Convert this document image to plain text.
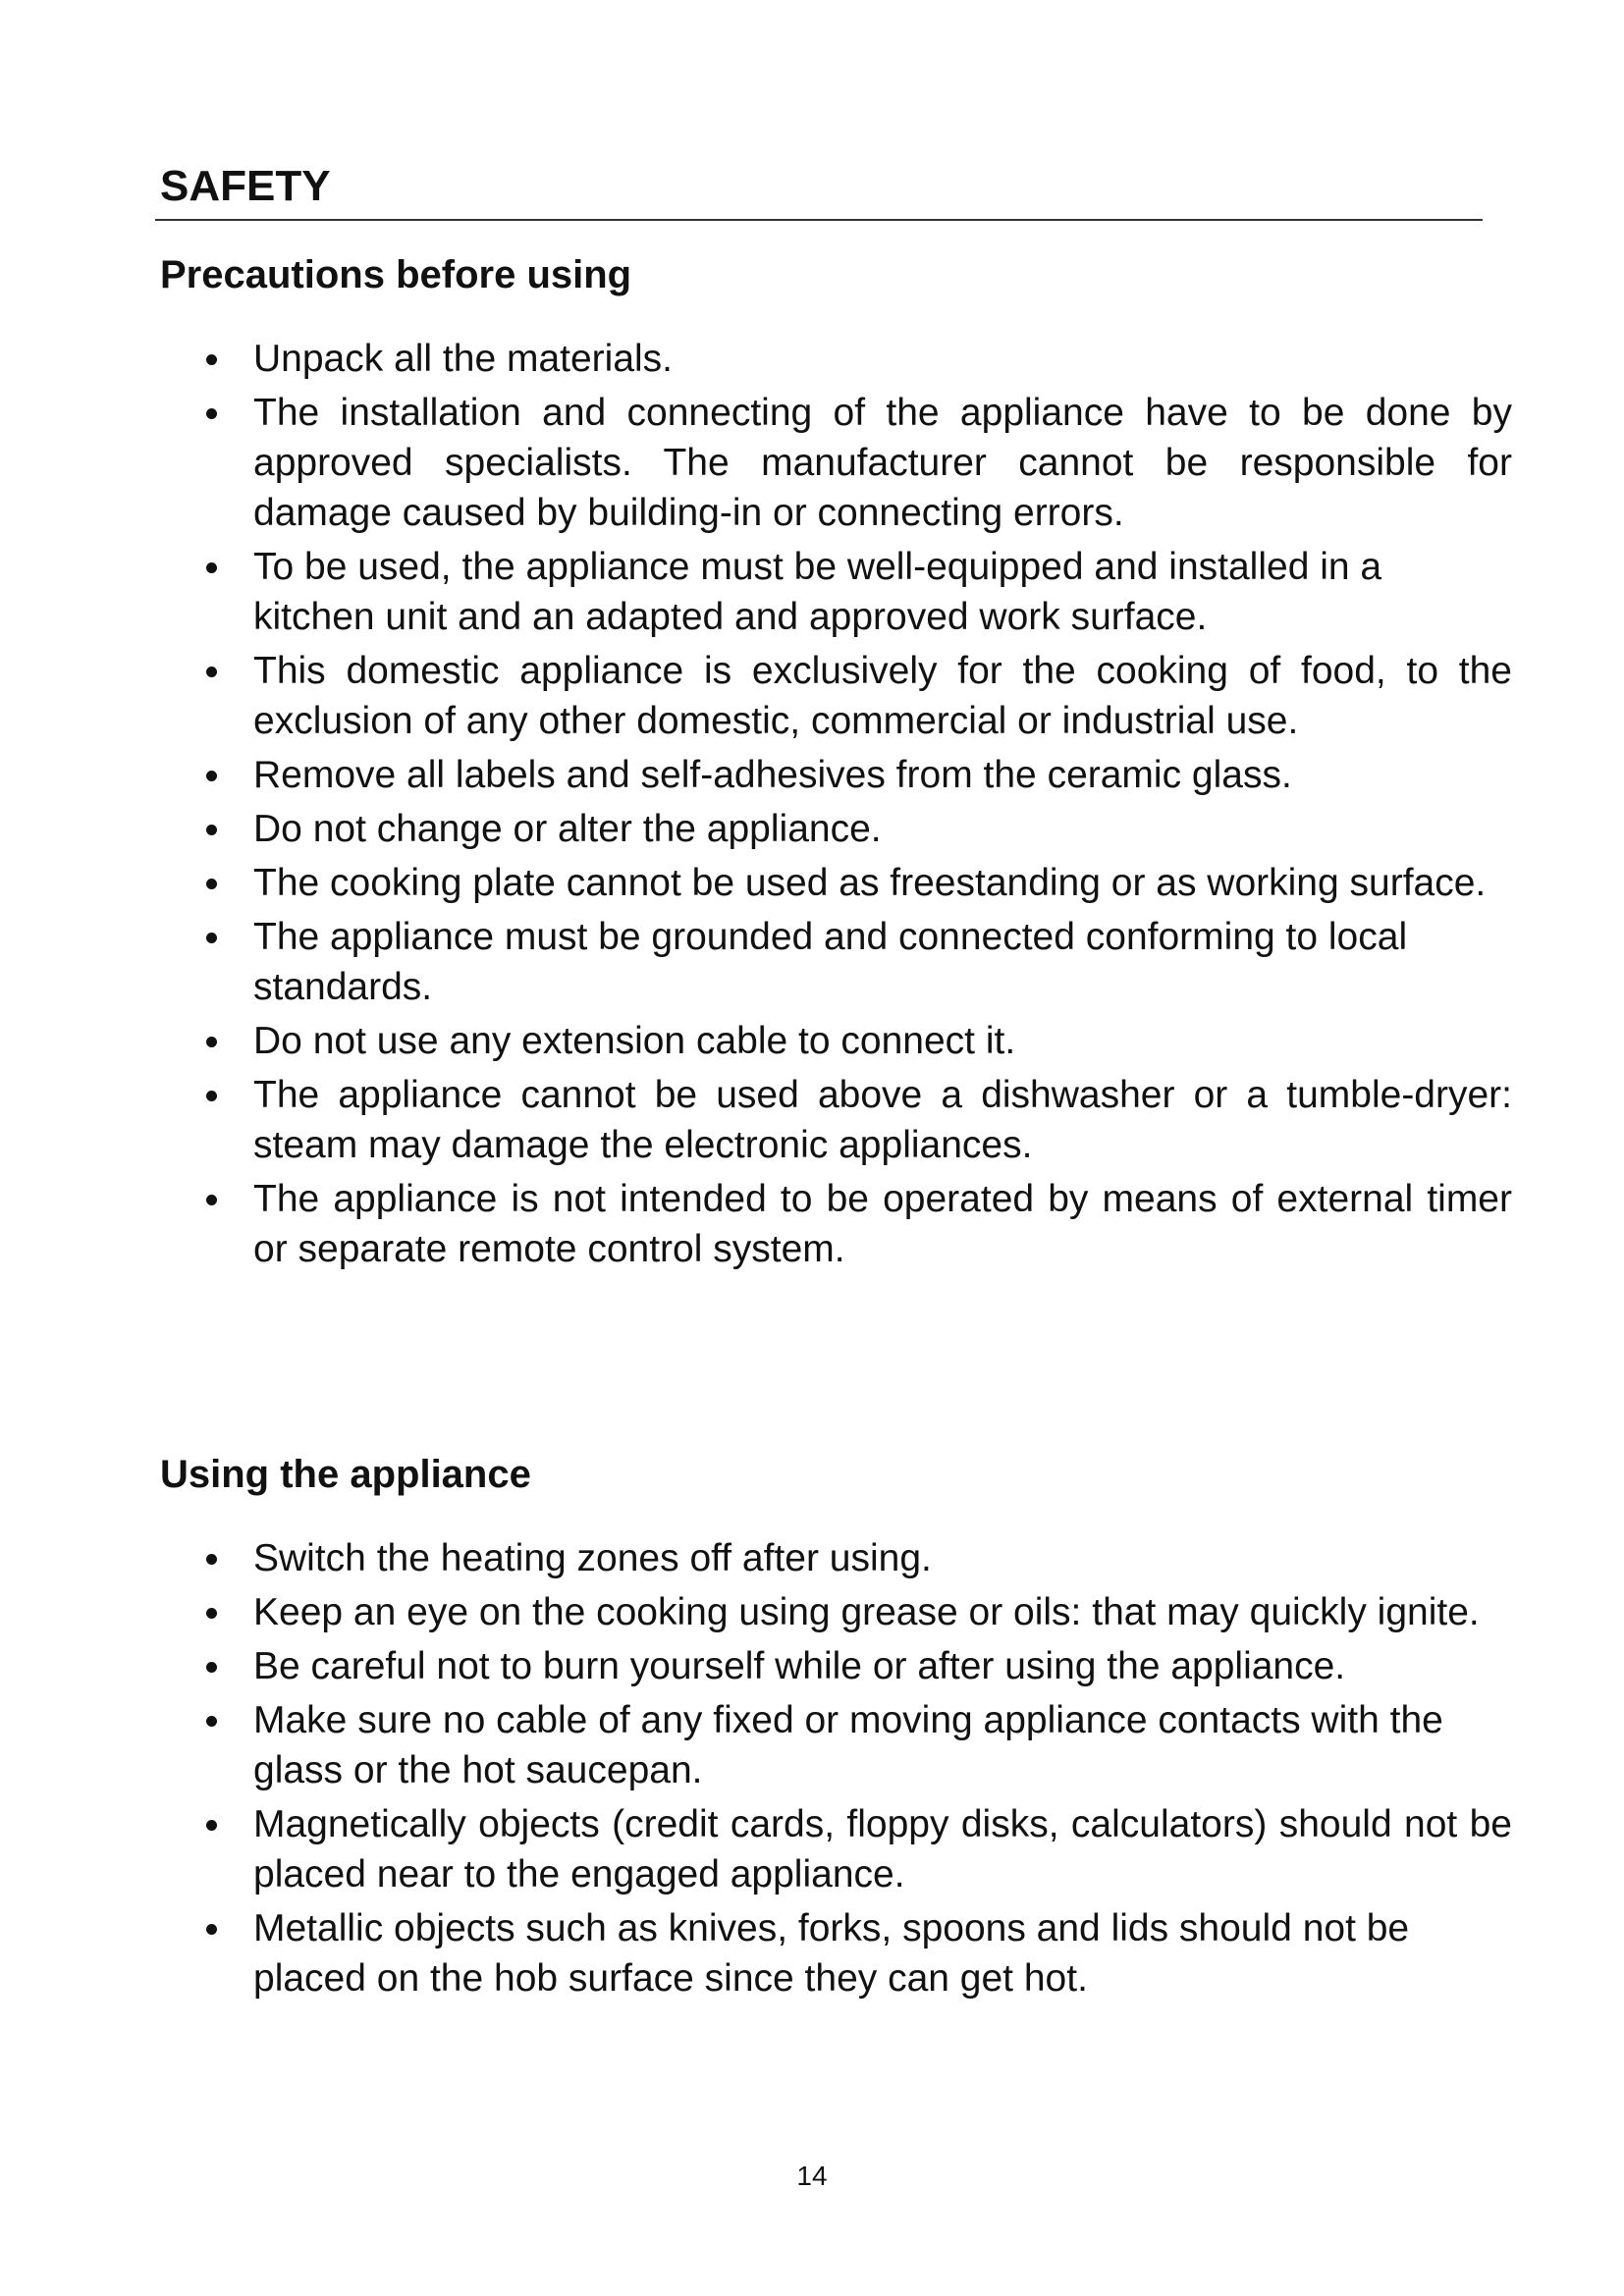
SAFETY
Precautions before using
Unpack all the materials.
The installation and connecting of the appliance have to be done by approved specialists. The manufacturer cannot be responsible for damage caused by building-in or connecting errors.
To be used, the appliance must be well-equipped and installed in a kitchen unit and an adapted and approved work surface.
This domestic appliance is exclusively for the cooking of food, to the exclusion of any other domestic, commercial or industrial use.
Remove all labels and self-adhesives from the ceramic glass.
Do not change or alter the appliance.
The cooking plate cannot be used as freestanding or as working surface.
The appliance must be grounded and connected conforming to local standards.
Do not use any extension cable to connect it.
The appliance cannot be used above a dishwasher or a tumble-dryer: steam may damage the electronic appliances.
The appliance is not intended to be operated by means of external timer or separate remote control system.
Using the appliance
Switch the heating zones off after using.
Keep an eye on the cooking using grease or oils: that may quickly ignite.
Be careful not to burn yourself while or after using the appliance.
Make sure no cable of any fixed or moving appliance contacts with the glass or the hot saucepan.
Magnetically objects (credit cards, floppy disks, calculators) should not be placed near to the engaged appliance.
Metallic objects such as knives, forks, spoons and lids should not be placed on the hob surface since they can get hot.
14
